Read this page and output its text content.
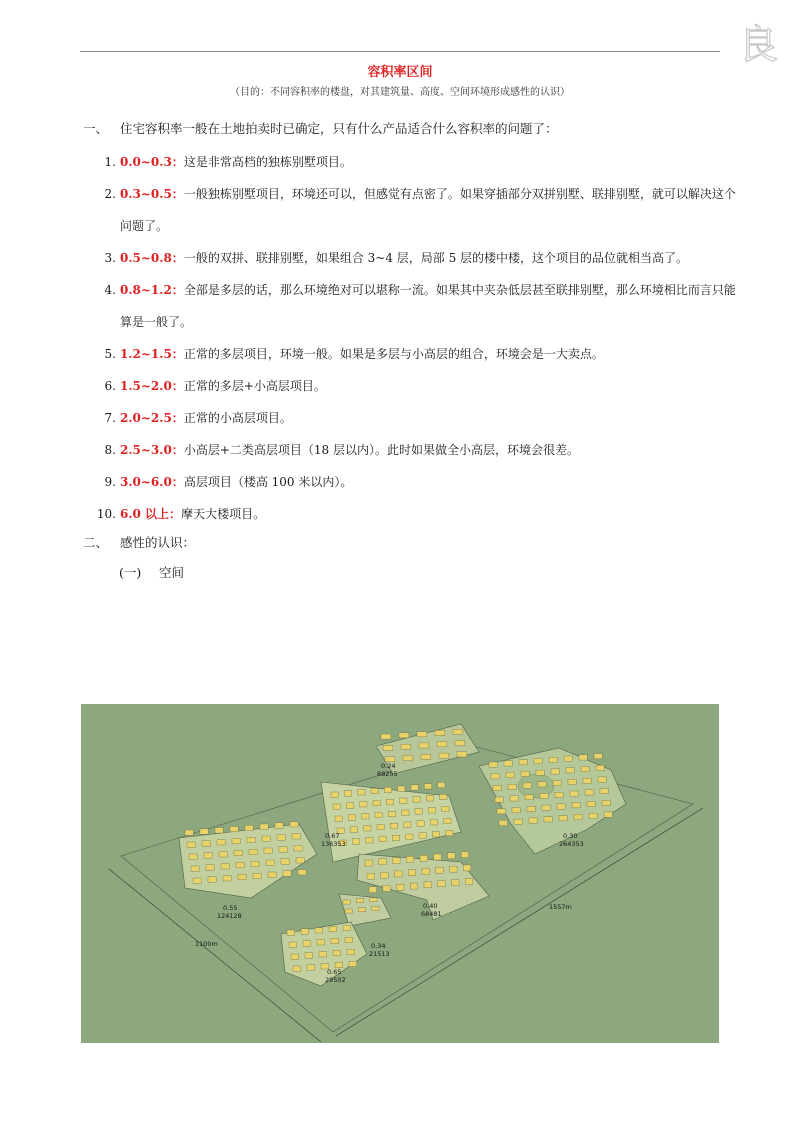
良
容积率区间
（目的：不同容积率的楼盘，对其建筑量、高度、空间环境形成感性的认识）
一、 住宅容积率一般在土地拍卖时已确定，只有什么产品适合什么容积率的问题了：
1. 0.0~0.3：这是非常高档的独栋别墅项目。
2. 0.3~0.5：一般独栋别墅项目，环境还可以，但感觉有点密了。如果穿插部分双拼别墅、联排别墅，就可以解决这个问题了。
3. 0.5~0.8：一般的双拼、联排别墅，如果组合 3~4 层，局部 5 层的楼中楼，这个项目的品位就相当高了。
4. 0.8~1.2：全部是多层的话，那么环境绝对可以堪称一流。如果其中夹杂低层甚至联排别墅，那么环境相比而言只能算是一般了。
5. 1.2~1.5：正常的多层项目，环境一般。如果是多层与小高层的组合，环境会是一大卖点。
6. 1.5~2.0：正常的多层+小高层项目。
7. 2.0~2.5：正常的小高层项目。
8. 2.5~3.0：小高层+二类高层项目（18 层以内）。此时如果做全小高层，环境会很差。
9. 3.0~6.0：高层项目（楼高 100 米以内）。
10. 6.0 以上：摩天大楼项目。
二、 感性的认识：
(一) 空间
0.24
88255
0.67
136353
0.30
264353
0.55
124128
0.40
68481
0.34
21513
0.65
29502
1557m
1100m
